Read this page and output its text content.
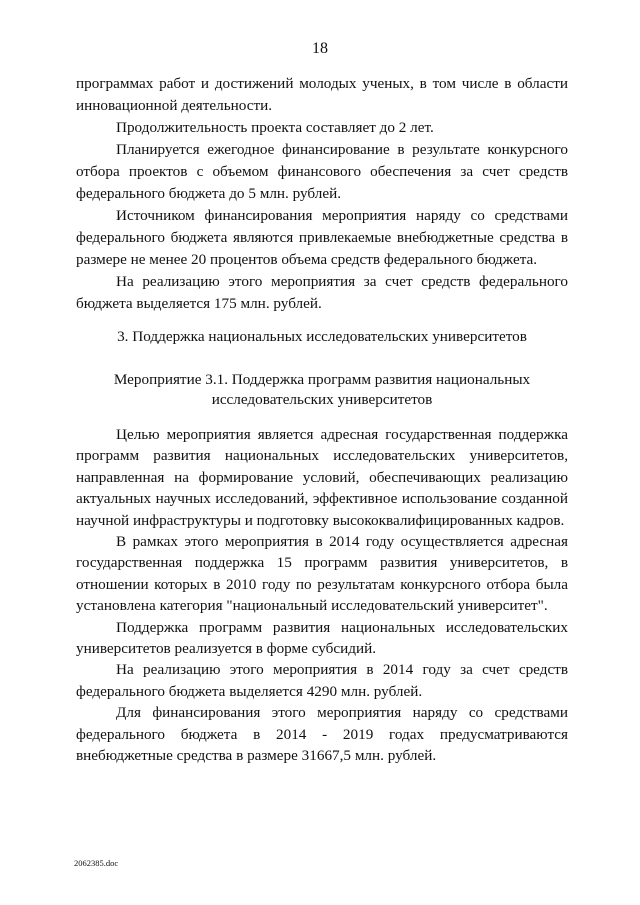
18

программах работ и достижений молодых ученых, в том числе в области инновационной деятельности.

Продолжительность проекта составляет до 2 лет.

Планируется ежегодное финансирование в результате конкурсного отбора проектов с объемом финансового обеспечения за счет средств федерального бюджета до 5 млн. рублей.

Источником финансирования мероприятия наряду со средствами федерального бюджета являются привлекаемые внебюджетные средства в размере не менее 20 процентов объема средств федерального бюджета.

На реализацию этого мероприятия за счет средств федерального бюджета выделяется 175 млн. рублей.

3. Поддержка национальных исследовательских университетов
Мероприятие 3.1. Поддержка программ развития национальных
исследовательских университетов

Целью мероприятия является адресная государственная поддержка программ развития национальных исследовательских университетов, направленная на формирование условий, обеспечивающих реализацию актуальных научных исследований, эффективное использование созданной научной инфраструктуры и подготовку высококвалифицированных кадров.

В рамках этого мероприятия в 2014 году осуществляется адресная государственная поддержка 15 программ развития университетов, в отношении которых в 2010 году по результатам конкурсного отбора была установлена категория "национальный исследовательский университет".

Поддержка программ развития национальных исследовательских университетов реализуется в форме субсидий.

На реализацию этого мероприятия в 2014 году за счет средств федерального бюджета выделяется 4290 млн. рублей.

Для финансирования этого мероприятия наряду со средствами федерального бюджета в 2014 - 2019 годах предусматриваются внебюджетные средства в размере 31667,5 млн. рублей.

2062385.doc
